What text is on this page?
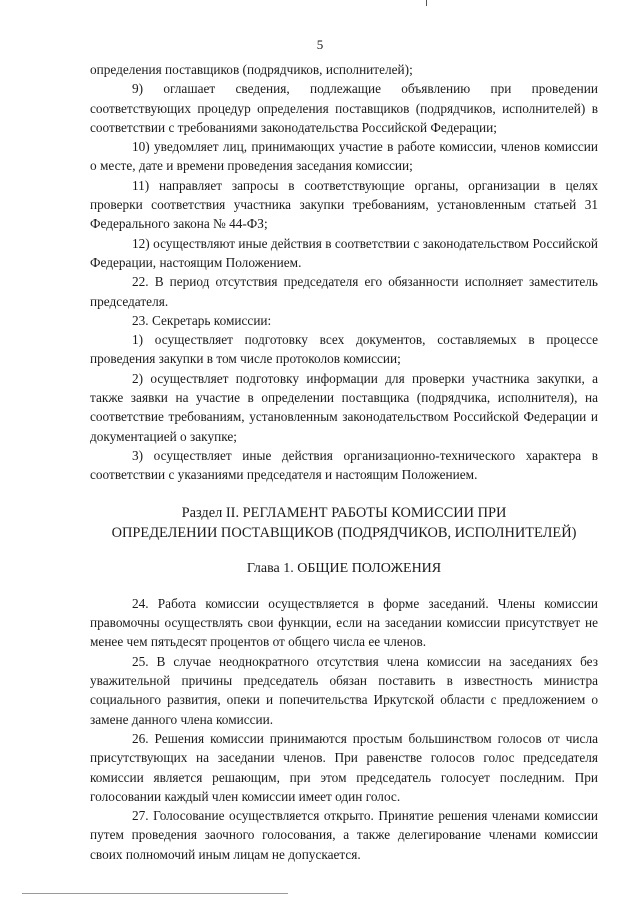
5

определения поставщиков (подрядчиков, исполнителей);

9) оглашает сведения, подлежащие объявлению при проведении соответствующих процедур определения поставщиков (подрядчиков, исполнителей) в соответствии с требованиями законодательства Российской Федерации;

10) уведомляет лиц, принимающих участие в работе комиссии, членов комиссии о месте, дате и времени проведения заседания комиссии;

11) направляет запросы в соответствующие органы, организации в целях проверки соответствия участника закупки требованиям, установленным статьей 31 Федерального закона № 44-ФЗ;

12) осуществляют иные действия в соответствии с законодательством Российской Федерации, настоящим Положением.

22. В период отсутствия председателя его обязанности исполняет заместитель председателя.

23. Секретарь комиссии:

1) осуществляет подготовку всех документов, составляемых в процессе проведения закупки в том числе протоколов комиссии;

2) осуществляет подготовку информации для проверки участника закупки, а также заявки на участие в определении поставщика (подрядчика, исполнителя), на соответствие требованиям, установленным законодательством Российской Федерации и документацией о закупке;

3) осуществляет иные действия организационно-технического характера в соответствии с указаниями председателя и настоящим Положением.

Раздел II. РЕГЛАМЕНТ РАБОТЫ КОМИССИИ ПРИ
ОПРЕДЕЛЕНИИ ПОСТАВЩИКОВ (ПОДРЯДЧИКОВ, ИСПОЛНИТЕЛЕЙ)

Глава 1. ОБЩИЕ ПОЛОЖЕНИЯ

24. Работа комиссии осуществляется в форме заседаний. Члены комиссии правомочны осуществлять свои функции, если на заседании комиссии присутствует не менее чем пятьдесят процентов от общего числа ее членов.

25. В случае неоднократного отсутствия члена комиссии на заседаниях без уважительной причины председатель обязан поставить в известность министра социального развития, опеки и попечительства Иркутской области с предложением о замене данного члена комиссии.

26. Решения комиссии принимаются простым большинством голосов от числа присутствующих на заседании членов. При равенстве голосов голос председателя комиссии является решающим, при этом председатель голосует последним. При голосовании каждый член комиссии имеет один голос.

27. Голосование осуществляется открыто. Принятие решения членами комиссии путем проведения заочного голосования, а также делегирование членами комиссии своих полномочий иным лицам не допускается.
